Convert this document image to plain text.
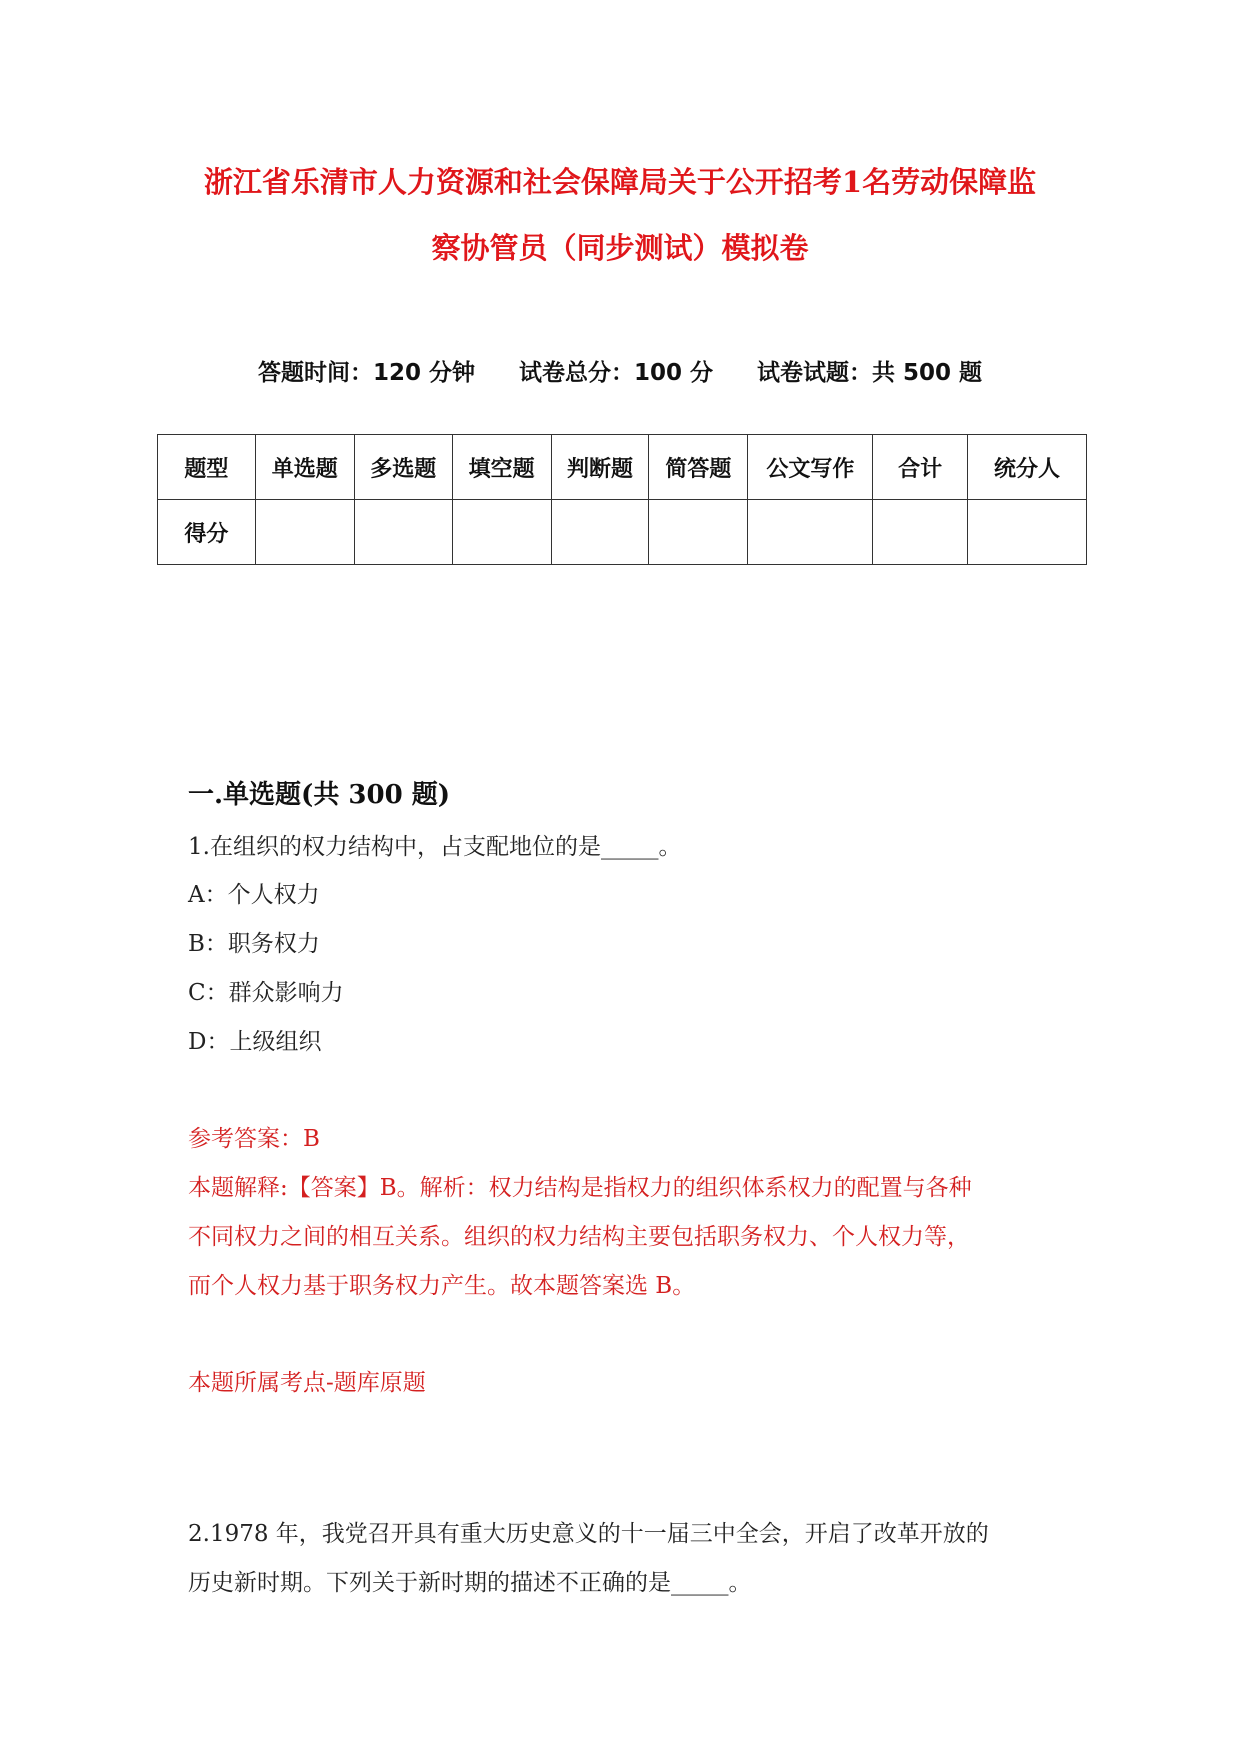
浙江省乐清市人力资源和社会保障局关于公开招考1名劳动保障监
察协管员（同步测试）模拟卷
答题时间：120 分钟 试卷总分：100 分 试卷试题：共 500 题
题型	单选题	多选题	填空题	判断题	简答题	公文写作	合计	统分人
得分								
一.单选题(共 300 题)
1.在组织的权力结构中，占支配地位的是_____。
A：个人权力
B：职务权力
C：群众影响力
D：上级组织
参考答案：B
本题解释:【答案】B。解析：权力结构是指权力的组织体系权力的配置与各种
不同权力之间的相互关系。组织的权力结构主要包括职务权力、个人权力等，
而个人权力基于职务权力产生。故本题答案选 B。
本题所属考点-题库原题
2.1978 年，我党召开具有重大历史意义的十一届三中全会，开启了改革开放的
历史新时期。下列关于新时期的描述不正确的是_____。
